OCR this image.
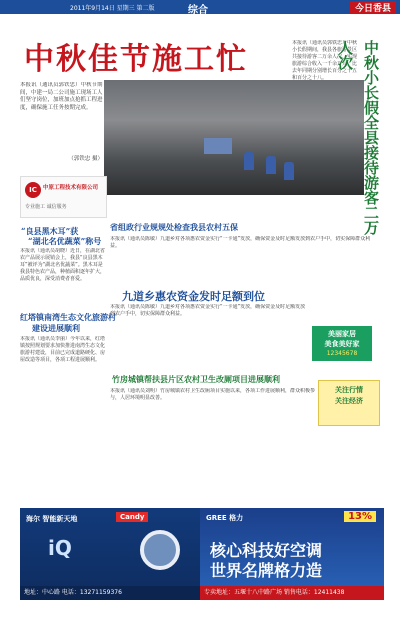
2011年9月14日 星期三 第二版	综合	今日香县
中秋佳节施工忙
本报讯（通讯员郭铁忠）中秋节期间，中建一局二公司施工现场工人们坚守岗位，加班加点抢抓工程进度，确保施工任务按期完成。
（郭铁忠 摄）
IC	中原工程技术有限公司
专业施工 诚信服务
本报讯（通讯员郭铁忠）中秋小长假期间，我县各旅游景区共接待游客二万余人次，实现旅游综合收入一千余万元，比去年同期分别增长百分之十五和百分之十八。	中秋小长假全县接待游客二万人次
“良县黑木耳”获
“湖北名优蔬菜”称号
本报讯（通讯员胡晓）近日，在湖北省农产品展示展销会上，我县“良县黑木耳”被评为“湖北名优蔬菜”。黑木耳是我县特色农产品，种植面积逐年扩大，品质优良，深受消费者喜爱。
红塔镇南湾生态文化旅游村
建设进展顺利
本报讯（通讯员李丽）今年以来，红塔镇按照规划要求加快推进南湾生态文化旅游村建设，目前已完成道路硬化、房屋改造等项目，各项工程进展顺利。
省组政行业规规处检查我县农村五保
本报讯（通讯员陈敏）九道乡对各项惠农资金实行“一卡通”发放，确保资金及时足额发放到农户手中，切实保障群众利益。
九道乡惠农资金发时足额到位
本报讯（通讯员陈敏）九道乡对各项惠农资金实行“一卡通”发放，确保资金及时足额发放到农户手中，切实保障群众利益。
竹房城镇帮扶县片区农村卫生改厕项目进展顺利
本报讯（通讯员刘明）竹房城镇农村卫生改厕项目实施以来，各项工作进展顺利，群众积极参与，人居环境明显改善。
美丽家居
美食美好家
12345678
关注行情
关注经济
海尔 智能新天地	Candy
iQ
地址：中心路 电话：13271159376
GREE 格力	13%
核心科技好空调
世界名牌格力造
专卖地址：五堰十八中路广场 销售电话：12411438
